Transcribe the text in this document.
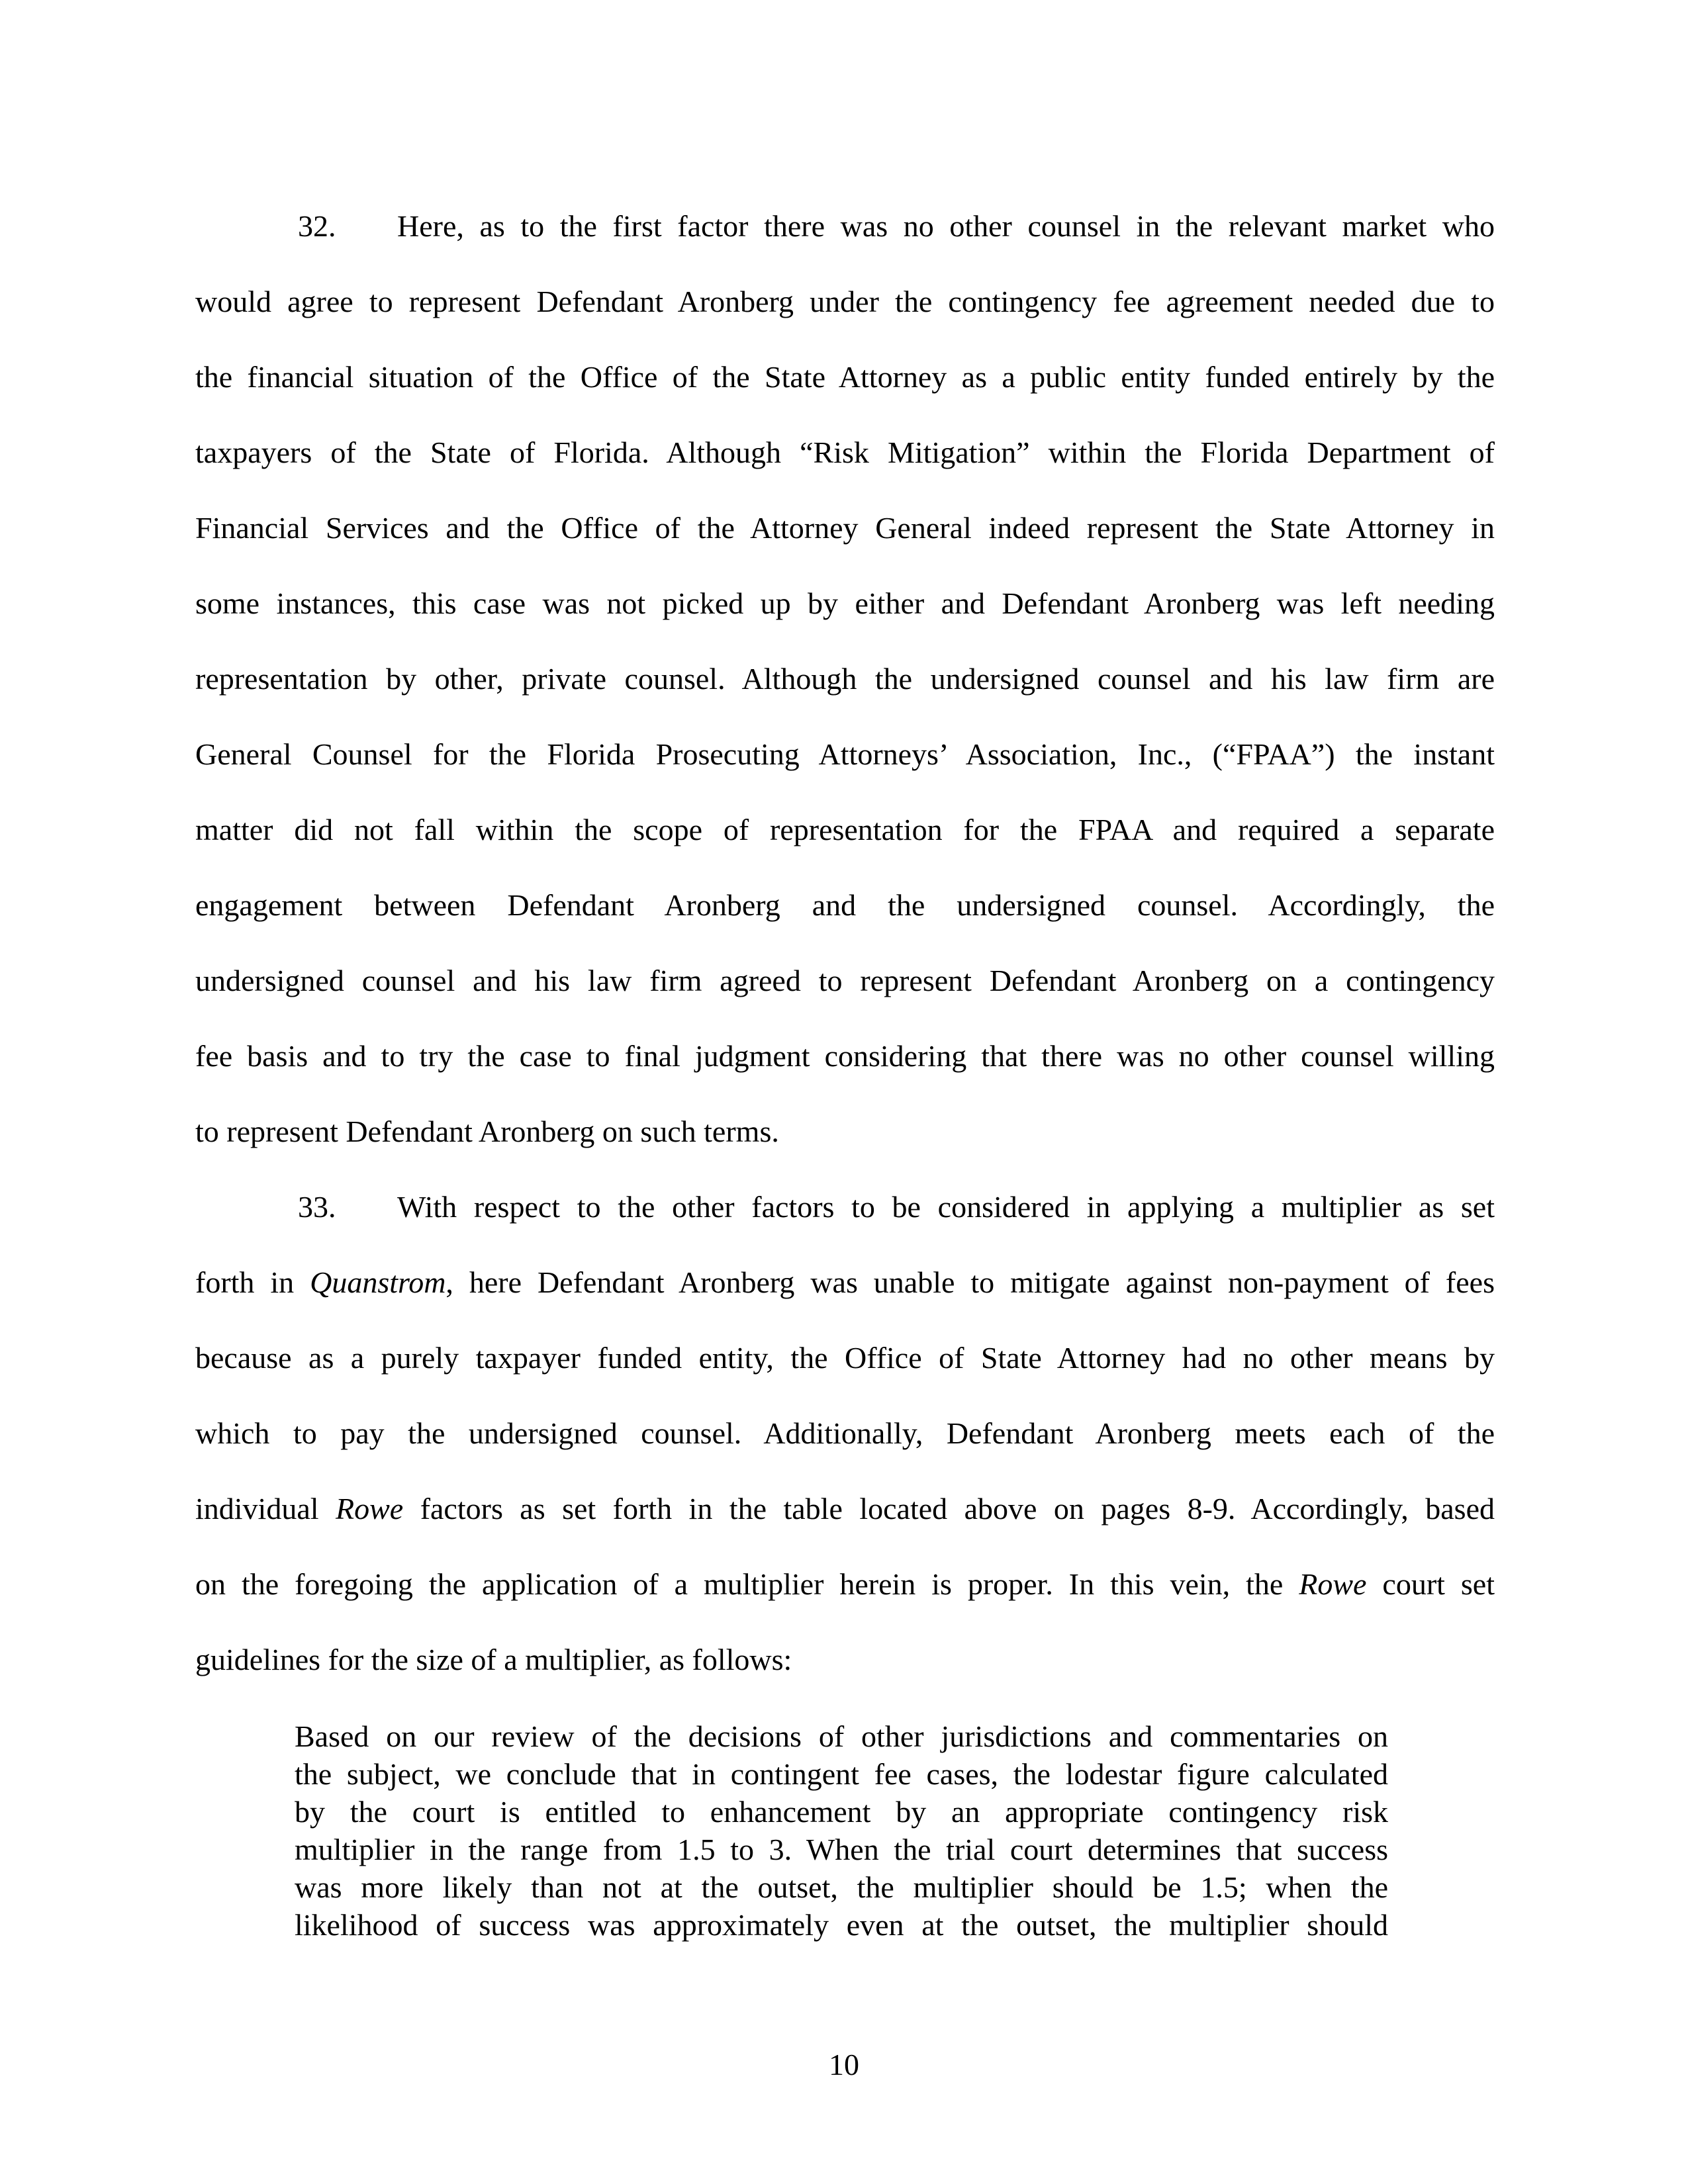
32. Here, as to the first factor there was no other counsel in the relevant market who
would agree to represent Defendant Aronberg under the contingency fee agreement needed due to
the financial situation of the Office of the State Attorney as a public entity funded entirely by the
taxpayers of the State of Florida. Although “Risk Mitigation” within the Florida Department of
Financial Services and the Office of the Attorney General indeed represent the State Attorney in
some instances, this case was not picked up by either and Defendant Aronberg was left needing
representation by other, private counsel. Although the undersigned counsel and his law firm are
General Counsel for the Florida Prosecuting Attorneys’ Association, Inc., (“FPAA”) the instant
matter did not fall within the scope of representation for the FPAA and required a separate
engagement between Defendant Aronberg and the undersigned counsel. Accordingly, the
undersigned counsel and his law firm agreed to represent Defendant Aronberg on a contingency
fee basis and to try the case to final judgment considering that there was no other counsel willing
to represent Defendant Aronberg on such terms.
33. With respect to the other factors to be considered in applying a multiplier as set
forth in Quanstrom, here Defendant Aronberg was unable to mitigate against non-payment of fees
because as a purely taxpayer funded entity, the Office of State Attorney had no other means by
which to pay the undersigned counsel. Additionally, Defendant Aronberg meets each of the
individual Rowe factors as set forth in the table located above on pages 8-9. Accordingly, based
on the foregoing the application of a multiplier herein is proper. In this vein, the Rowe court set
guidelines for the size of a multiplier, as follows:
Based on our review of the decisions of other jurisdictions and commentaries on
the subject, we conclude that in contingent fee cases, the lodestar figure calculated
by the court is entitled to enhancement by an appropriate contingency risk
multiplier in the range from 1.5 to 3. When the trial court determines that success
was more likely than not at the outset, the multiplier should be 1.5; when the
likelihood of success was approximately even at the outset, the multiplier should
10
